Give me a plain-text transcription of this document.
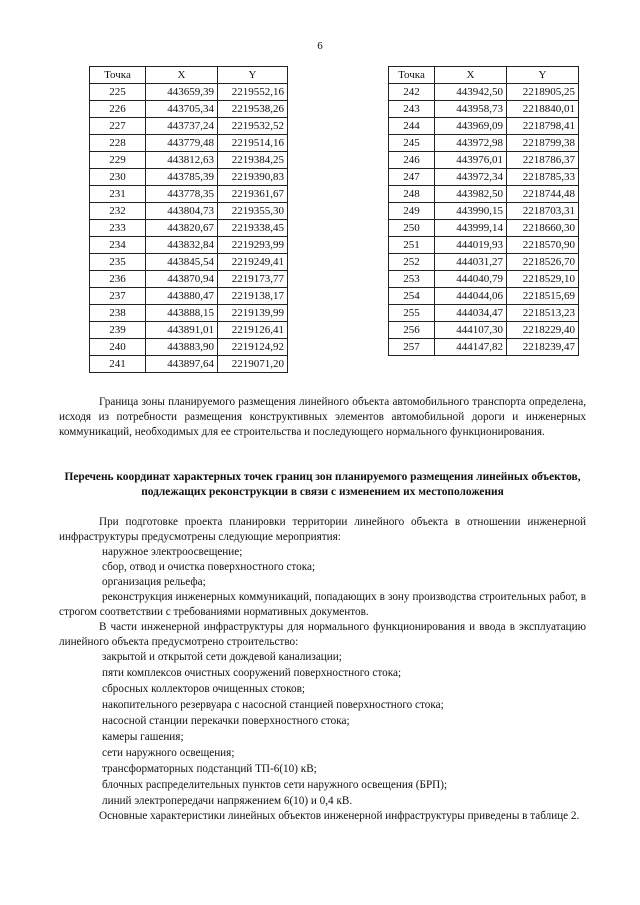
6
Точка	X	Y
225	443659,39	2219552,16
226	443705,34	2219538,26
227	443737,24	2219532,52
228	443779,48	2219514,16
229	443812,63	2219384,25
230	443785,39	2219390,83
231	443778,35	2219361,67
232	443804,73	2219355,30
233	443820,67	2219338,45
234	443832,84	2219293,99
235	443845,54	2219249,41
236	443870,94	2219173,77
237	443880,47	2219138,17
238	443888,15	2219139,99
239	443891,01	2219126,41
240	443883,90	2219124,92
241	443897,64	2219071,20
Точка	X	Y
242	443942,50	2218905,25
243	443958,73	2218840,01
244	443969,09	2218798,41
245	443972,98	2218799,38
246	443976,01	2218786,37
247	443972,34	2218785,33
248	443982,50	2218744,48
249	443990,15	2218703,31
250	443999,14	2218660,30
251	444019,93	2218570,90
252	444031,27	2218526,70
253	444040,79	2218529,10
254	444044,06	2218515,69
255	444034,47	2218513,23
256	444107,30	2218229,40
257	444147,82	2218239,47

Граница зоны планируемого размещения линейного объекта автомобильного транспорта определена, исходя из потребности размещения конструктивных элементов автомобильной дороги и инженерных коммуникаций, необходимых для ее строительства и последующего нормального функционирования.

Перечень координат характерных точек границ зон планируемого размещения линейных объектов, подлежащих реконструкции в связи с изменением их местоположения

При подготовке проекта планировки территории линейного объекта в отношении инженерной инфраструктуры предусмотрены следующие мероприятия:

наружное электроосвещение;

сбор, отвод и очистка поверхностного стока;

организация рельефа;

реконструкция инженерных коммуникаций, попадающих в зону производства строительных работ, в строгом соответствии с требованиями нормативных документов.

В части инженерной инфраструктуры для нормального функционирования и ввода в эксплуатацию линейного объекта предусмотрено строительство:

закрытой и открытой сети дождевой канализации;

пяти комплексов очистных сооружений поверхностного стока;

сбросных коллекторов очищенных стоков;

накопительного резервуара с насосной станцией поверхностного стока;

насосной станции перекачки поверхностного стока;

камеры гашения;

сети наружного освещения;

трансформаторных подстанций ТП-6(10) кВ;

блочных распределительных пунктов сети наружного освещения (БРП);

линий электропередачи напряжением 6(10) и 0,4 кВ.

Основные характеристики линейных объектов инженерной инфраструктуры приведены в таблице 2.
